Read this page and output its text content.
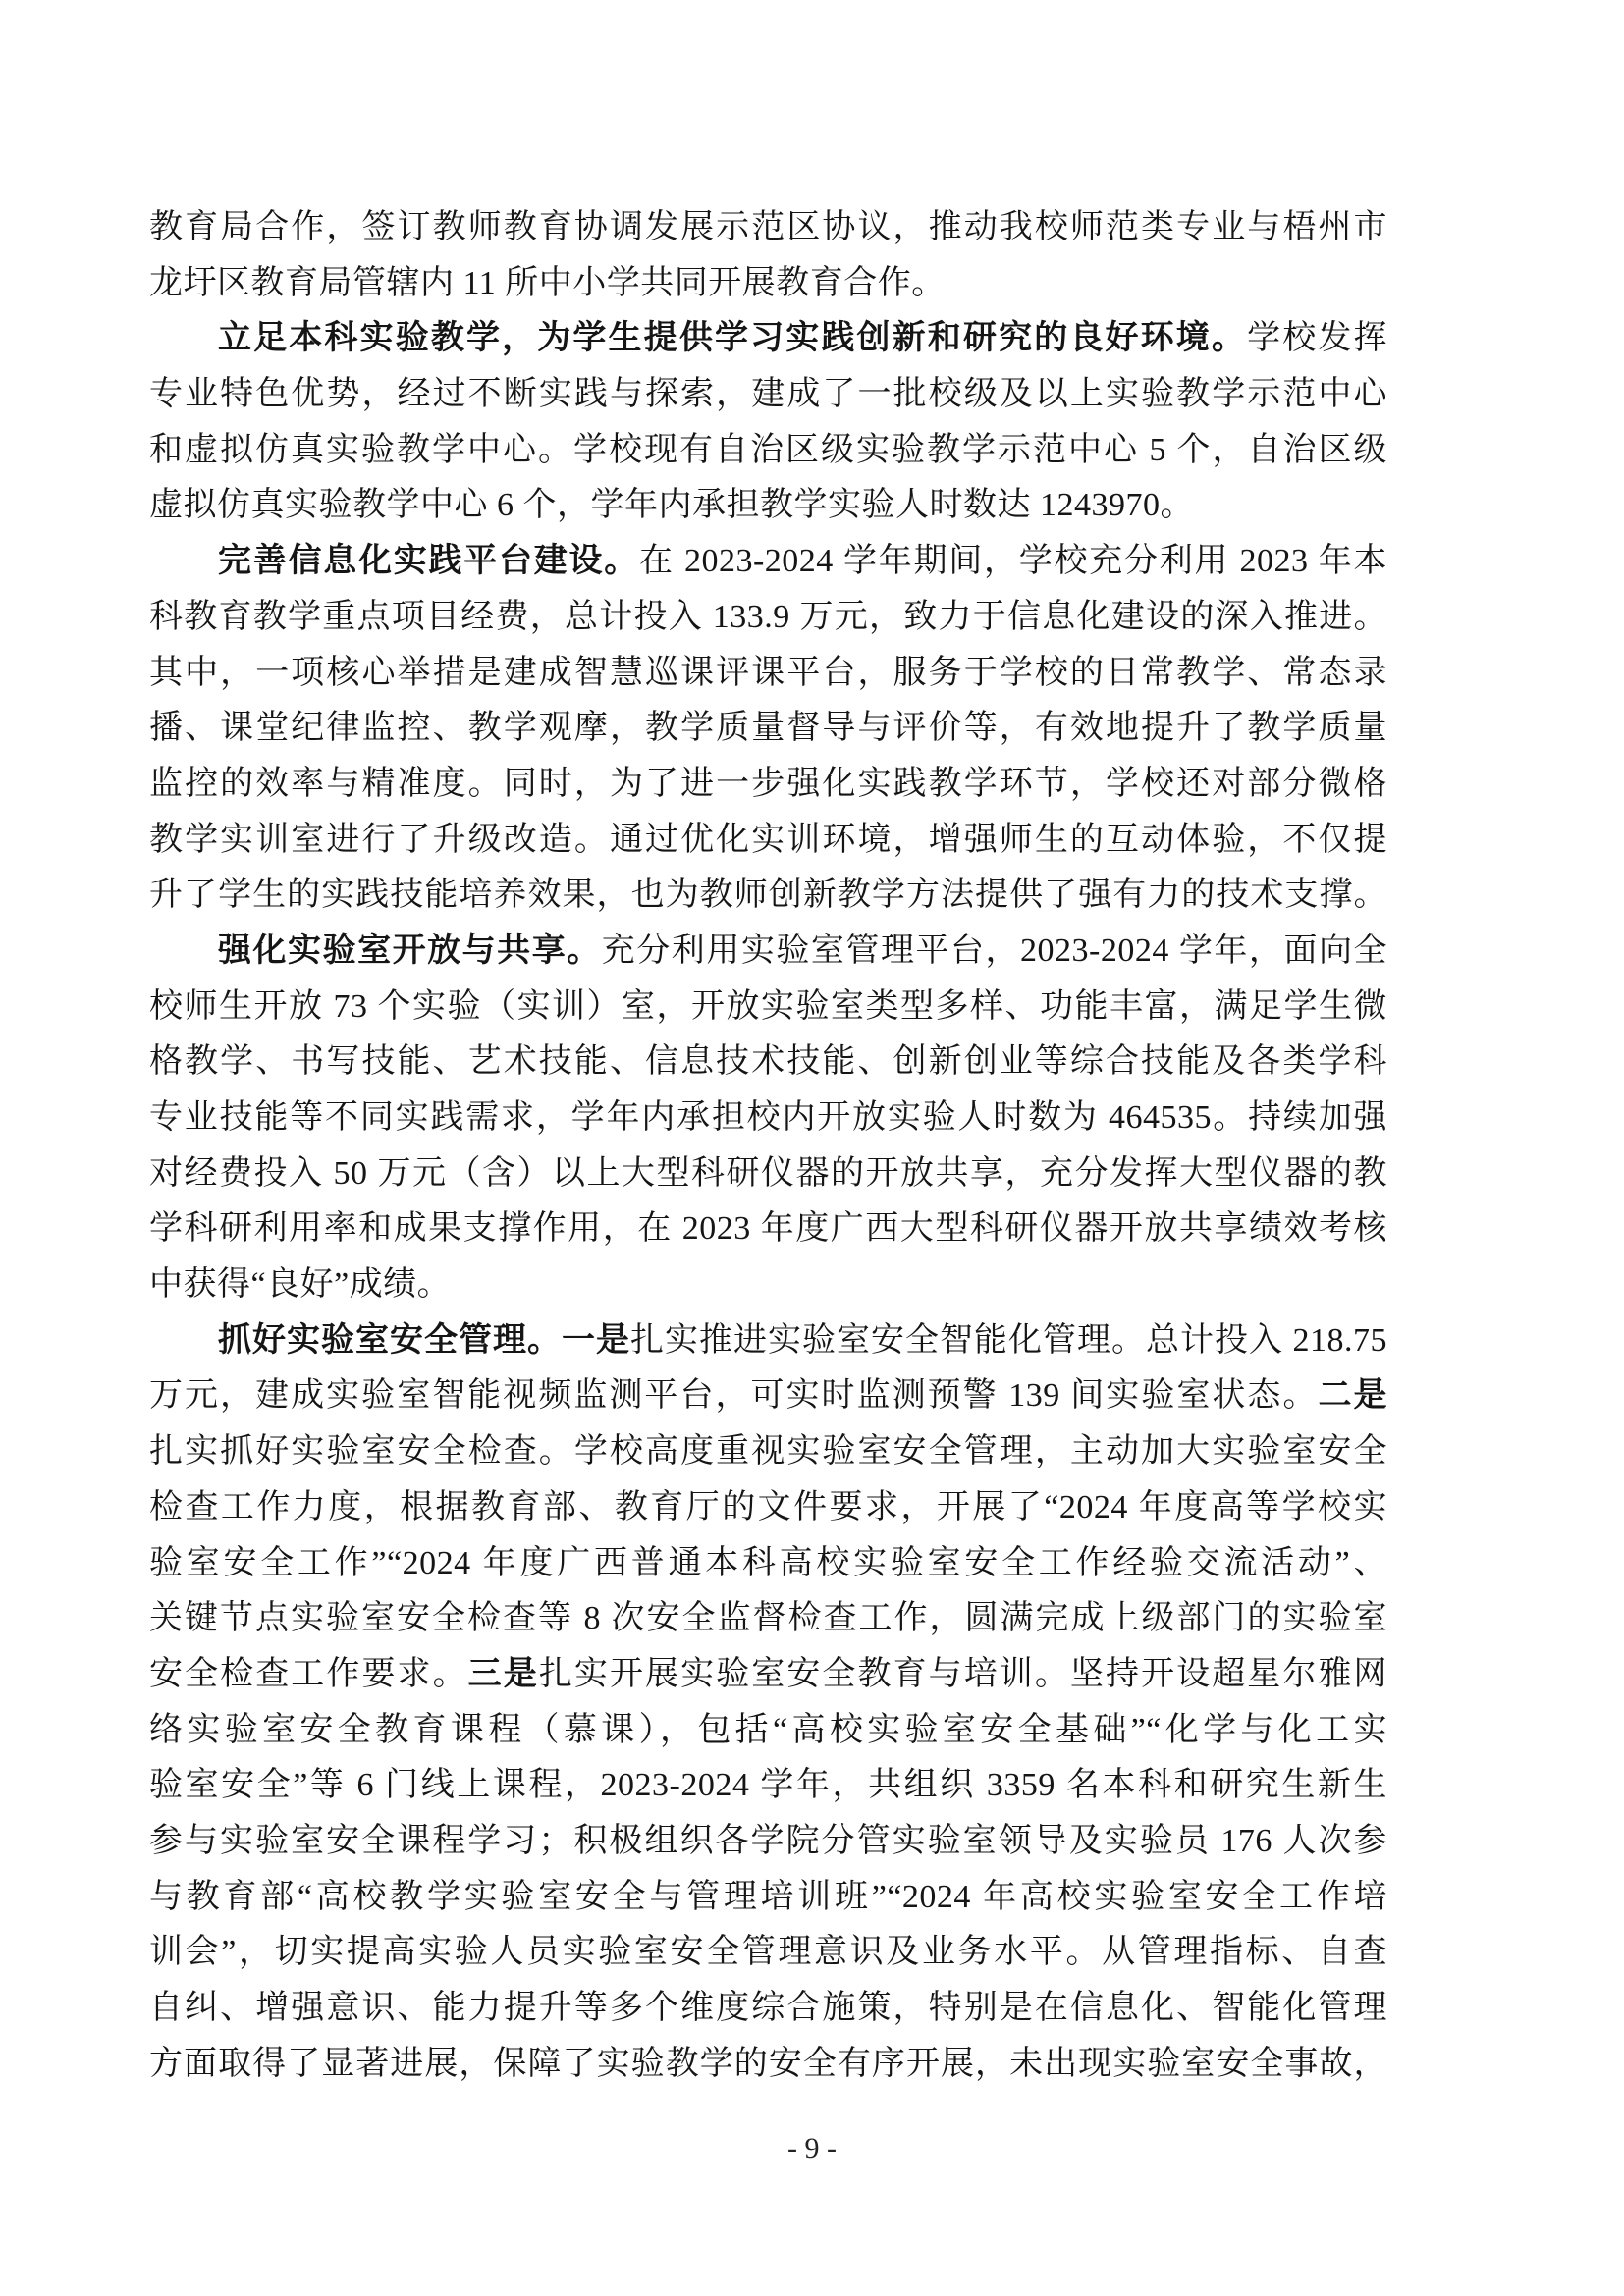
教育局合作，签订教师教育协调发展示范区协议，推动我校师范类专业与梧州市
龙圩区教育局管辖内 11 所中小学共同开展教育合作。
立足本科实验教学，为学生提供学习实践创新和研究的良好环境。学校发挥
专业特色优势，经过不断实践与探索，建成了一批校级及以上实验教学示范中心
和虚拟仿真实验教学中心。学校现有自治区级实验教学示范中心 5 个，自治区级
虚拟仿真实验教学中心 6 个，学年内承担教学实验人时数达 1243970。
完善信息化实践平台建设。在 2023-2024 学年期间，学校充分利用 2023 年本
科教育教学重点项目经费，总计投入 133.9 万元，致力于信息化建设的深入推进。
其中，一项核心举措是建成智慧巡课评课平台，服务于学校的日常教学、常态录
播、课堂纪律监控、教学观摩，教学质量督导与评价等，有效地提升了教学质量
监控的效率与精准度。同时，为了进一步强化实践教学环节，学校还对部分微格
教学实训室进行了升级改造。通过优化实训环境，增强师生的互动体验，不仅提
升了学生的实践技能培养效果，也为教师创新教学方法提供了强有力的技术支撑。
强化实验室开放与共享。充分利用实验室管理平台，2023-2024 学年，面向全
校师生开放 73 个实验（实训）室，开放实验室类型多样、功能丰富，满足学生微
格教学、书写技能、艺术技能、信息技术技能、创新创业等综合技能及各类学科
专业技能等不同实践需求，学年内承担校内开放实验人时数为 464535。持续加强
对经费投入 50 万元（含）以上大型科研仪器的开放共享，充分发挥大型仪器的教
学科研利用率和成果支撑作用，在 2023 年度广西大型科研仪器开放共享绩效考核
中获得“良好”成绩。
抓好实验室安全管理。一是扎实推进实验室安全智能化管理。总计投入 218.75
万元，建成实验室智能视频监测平台，可实时监测预警 139 间实验室状态。二是
扎实抓好实验室安全检查。学校高度重视实验室安全管理，主动加大实验室安全
检查工作力度，根据教育部、教育厅的文件要求，开展了“2024 年度高等学校实
验室安全工作”“2024 年度广西普通本科高校实验室安全工作经验交流活动”、
关键节点实验室安全检查等 8 次安全监督检查工作，圆满完成上级部门的实验室
安全检查工作要求。三是扎实开展实验室安全教育与培训。坚持开设超星尔雅网
络实验室安全教育课程（慕课），包括“高校实验室安全基础”“化学与化工实
验室安全”等 6 门线上课程，2023-2024 学年，共组织 3359 名本科和研究生新生
参与实验室安全课程学习；积极组织各学院分管实验室领导及实验员 176 人次参
与教育部“高校教学实验室安全与管理培训班”“2024 年高校实验室安全工作培
训会”，切实提高实验人员实验室安全管理意识及业务水平。从管理指标、自查
自纠、增强意识、能力提升等多个维度综合施策，特别是在信息化、智能化管理
方面取得了显著进展，保障了实验教学的安全有序开展，未出现实验室安全事故，
- 9 -
